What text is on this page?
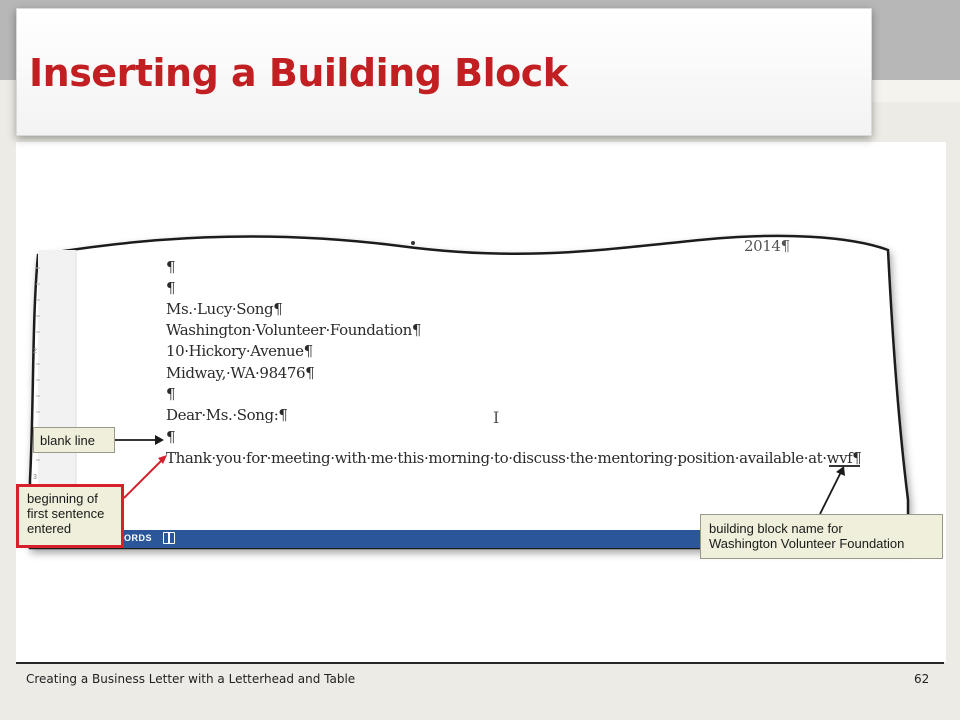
2
3
2014¶
¶
¶
Ms.·Lucy·Song¶
Washington·Volunteer·Foundation¶
10·Hickory·Avenue¶
Midway,·WA·98476¶
¶
Dear·Ms.·Song:¶
¶
Thank·you·for·meeting·with·me·this·morning·to·discuss·the·mentoring·position·available·at·wvf¶
I
ORDS
Inserting a Building Block
blank line
beginning of
first sentence
entered	building block name for
Washington Volunteer Foundation
Creating a Business Letter with a Letterhead and Table	62
